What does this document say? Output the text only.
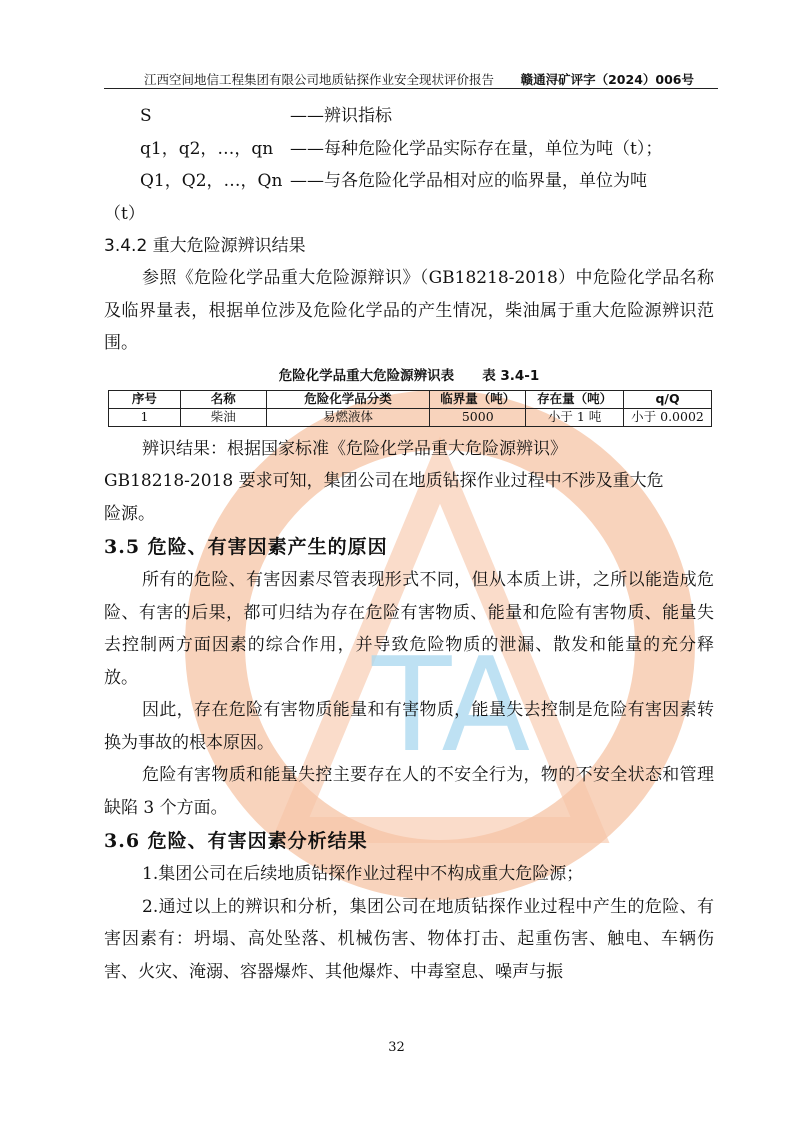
TA
江西空间地信工程集团有限公司地质钻探作业安全现状评价报告 赣通浔矿评字（2024）006号
S	——辨识指标
q1，q2，…，qn ——每种危险化学品实际存在量，单位为吨（t）；
Q1，Q2，…，Qn ——与各危险化学品相对应的临界量，单位为吨
（t）
3.4.2 重大危险源辨识结果

参照《危险化学品重大危险源辩识》（GB18218-2018）中危险化学品名称及临界量表，根据单位涉及危险化学品的产生情况，柴油属于重大危险源辨识范围。

危险化学品重大危险源辨识表 表 3.4-1
序号	名称	危险化学品分类	临界量（吨）	存在量（吨）	q/Q
1	柴油	易燃液体	5000	小于 1 吨	小于 0.0002
辨识结果：根据国家标准《危险化学品重大危险源辨识》
GB18218-2018 要求可知，集团公司在地质钻探作业过程中不涉及重大危
险源。
3.5 危险、有害因素产生的原因

所有的危险、有害因素尽管表现形式不同，但从本质上讲，之所以能造成危险、有害的后果，都可归结为存在危险有害物质、能量和危险有害物质、能量失去控制两方面因素的综合作用，并导致危险物质的泄漏、散发和能量的充分释放。

因此，存在危险有害物质能量和有害物质，能量失去控制是危险有害因素转换为事故的根本原因。

危险有害物质和能量失控主要存在人的不安全行为，物的不安全状态和管理缺陷 3 个方面。

3.6 危险、有害因素分析结果

1.集团公司在后续地质钻探作业过程中不构成重大危险源；

2.通过以上的辨识和分析，集团公司在地质钻探作业过程中产生的危险、有害因素有：坍塌、高处坠落、机械伤害、物体打击、起重伤害、触电、车辆伤害、火灾、淹溺、容器爆炸、其他爆炸、中毒窒息、噪声与振

32
